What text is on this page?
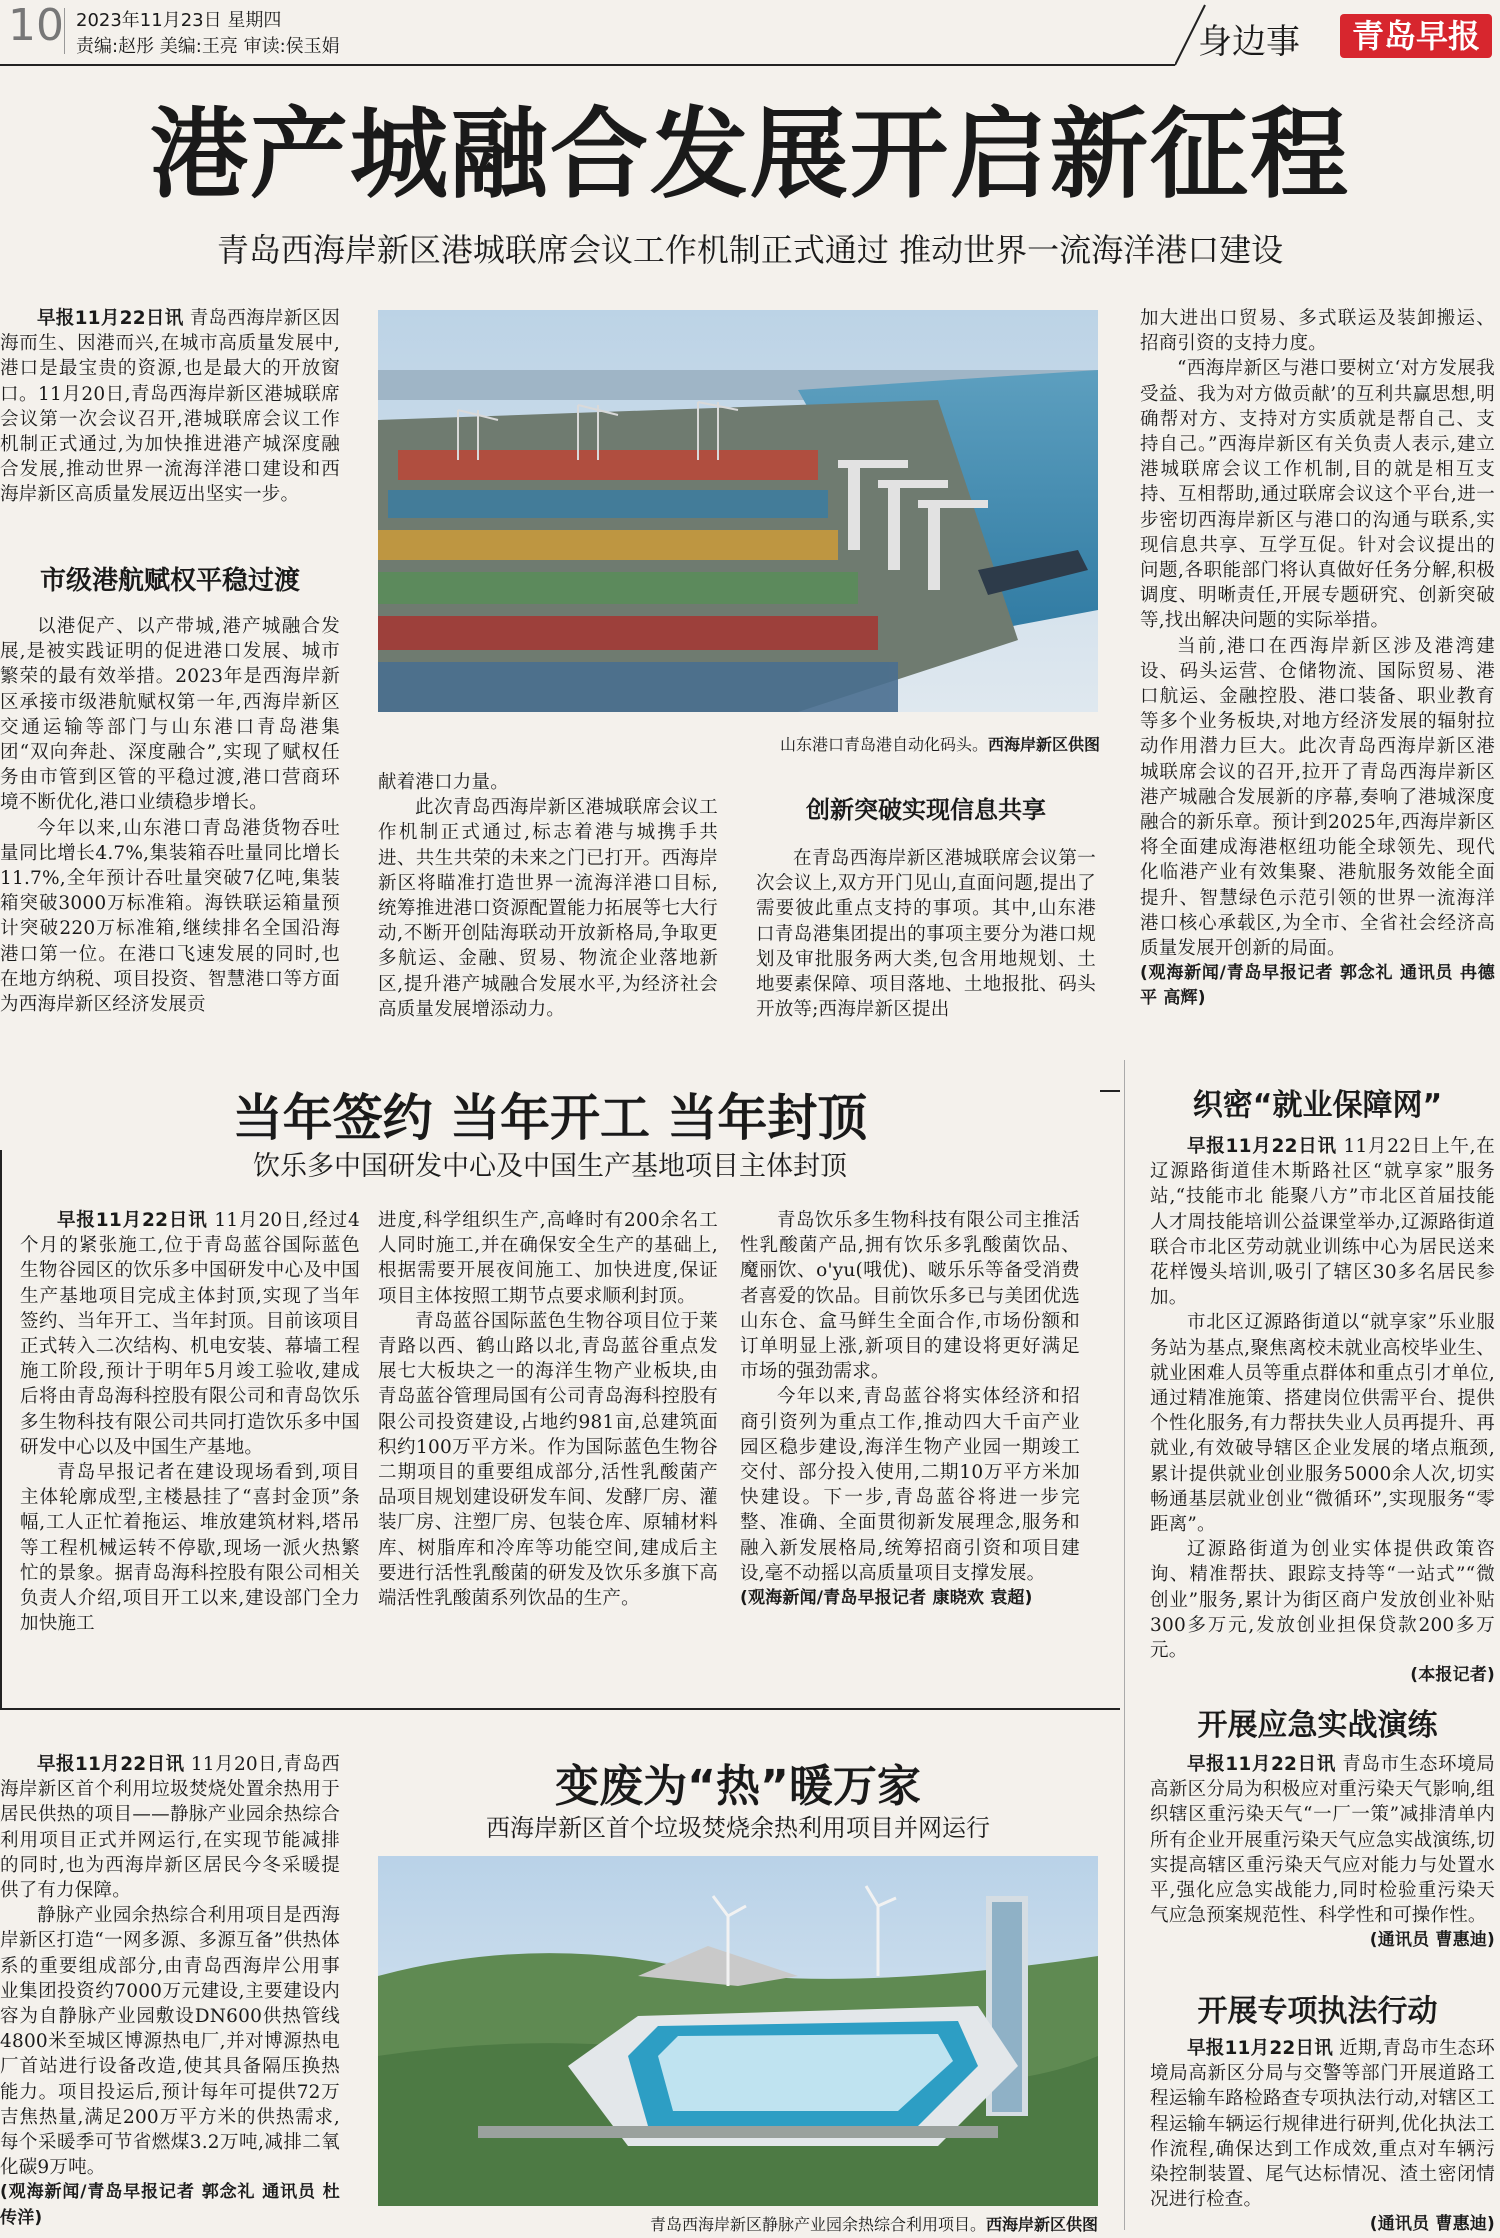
10 2023年11月23日 星期四
责编:赵彤 美编:王亮 审读:侯玉娟	身边事	青岛早报
港产城融合发展开启新征程
青岛西海岸新区港城联席会议工作机制正式通过 推动世界一流海洋港口建设

早报11月22日讯 青岛西海岸新区因海而生、因港而兴,在城市高质量发展中,港口是最宝贵的资源,也是最大的开放窗口。11月20日,青岛西海岸新区港城联席会议第一次会议召开,港城联席会议工作机制正式通过,为加快推进港产城深度融合发展,推动世界一流海洋港口建设和西海岸新区高质量发展迈出坚实一步。

市级港航赋权平稳过渡

以港促产、以产带城,港产城融合发展,是被实践证明的促进港口发展、城市繁荣的最有效举措。2023年是西海岸新区承接市级港航赋权第一年,西海岸新区交通运输等部门与山东港口青岛港集团“双向奔赴、深度融合”,实现了赋权任务由市管到区管的平稳过渡,港口营商环境不断优化,港口业绩稳步增长。

今年以来,山东港口青岛港货物吞吐量同比增长4.7%,集装箱吞吐量同比增长11.7%,全年预计吞吐量突破7亿吨,集装箱突破3000万标准箱。海铁联运箱量预计突破220万标准箱,继续排名全国沿海港口第一位。在港口飞速发展的同时,也在地方纳税、项目投资、智慧港口等方面为西海岸新区经济发展贡

山东港口青岛港自动化码头。西海岸新区供图

献着港口力量。

此次青岛西海岸新区港城联席会议工作机制正式通过,标志着港与城携手共进、共生共荣的未来之门已打开。西海岸新区将瞄准打造世界一流海洋港口目标,统筹推进港口资源配置能力拓展等七大行动,不断开创陆海联动开放新格局,争取更多航运、金融、贸易、物流企业落地新区,提升港产城融合发展水平,为经济社会高质量发展增添动力。

创新突破实现信息共享

在青岛西海岸新区港城联席会议第一次会议上,双方开门见山,直面问题,提出了需要彼此重点支持的事项。其中,山东港口青岛港集团提出的事项主要分为港口规划及审批服务两大类,包含用地规划、土地要素保障、项目落地、土地报批、码头开放等;西海岸新区提出

加大进出口贸易、多式联运及装卸搬运、招商引资的支持力度。

“西海岸新区与港口要树立‘对方发展我受益、我为对方做贡献’的互利共赢思想,明确帮对方、支持对方实质就是帮自己、支持自己。”西海岸新区有关负责人表示,建立港城联席会议工作机制,目的就是相互支持、互相帮助,通过联席会议这个平台,进一步密切西海岸新区与港口的沟通与联系,实现信息共享、互学互促。针对会议提出的问题,各职能部门将认真做好任务分解,积极调度、明晰责任,开展专题研究、创新突破等,找出解决问题的实际举措。

当前,港口在西海岸新区涉及港湾建设、码头运营、仓储物流、国际贸易、港口航运、金融控股、港口装备、职业教育等多个业务板块,对地方经济发展的辐射拉动作用潜力巨大。此次青岛西海岸新区港城联席会议的召开,拉开了青岛西海岸新区港产城融合发展新的序幕,奏响了港城深度融合的新乐章。预计到2025年,西海岸新区将全面建成海港枢纽功能全球领先、现代化临港产业有效集聚、港航服务效能全面提升、智慧绿色示范引领的世界一流海洋港口核心承载区,为全市、全省社会经济高质量发展开创新的局面。

(观海新闻/青岛早报记者 郭念礼 通讯员 冉德平 高辉)

当年签约 当年开工 当年封顶
饮乐多中国研发中心及中国生产基地项目主体封顶

早报11月22日讯 11月20日,经过4个月的紧张施工,位于青岛蓝谷国际蓝色生物谷园区的饮乐多中国研发中心及中国生产基地项目完成主体封顶,实现了当年签约、当年开工、当年封顶。目前该项目正式转入二次结构、机电安装、幕墙工程施工阶段,预计于明年5月竣工验收,建成后将由青岛海科控股有限公司和青岛饮乐多生物科技有限公司共同打造饮乐多中国研发中心以及中国生产基地。

青岛早报记者在建设现场看到,项目主体轮廓成型,主楼悬挂了“喜封金顶”条幅,工人正忙着拖运、堆放建筑材料,塔吊等工程机械运转不停歇,现场一派火热繁忙的景象。据青岛海科控股有限公司相关负责人介绍,项目开工以来,建设部门全力加快施工

进度,科学组织生产,高峰时有200余名工人同时施工,并在确保安全生产的基础上,根据需要开展夜间施工、加快进度,保证项目主体按照工期节点要求顺利封顶。

青岛蓝谷国际蓝色生物谷项目位于莱青路以西、鹤山路以北,青岛蓝谷重点发展七大板块之一的海洋生物产业板块,由青岛蓝谷管理局国有公司青岛海科控股有限公司投资建设,占地约981亩,总建筑面积约100万平方米。作为国际蓝色生物谷二期项目的重要组成部分,活性乳酸菌产品项目规划建设研发车间、发酵厂房、灌装厂房、注塑厂房、包装仓库、原辅材料库、树脂库和冷库等功能空间,建成后主要进行活性乳酸菌的研发及饮乐多旗下高端活性乳酸菌系列饮品的生产。

青岛饮乐多生物科技有限公司主推活性乳酸菌产品,拥有饮乐多乳酸菌饮品、魔丽饮、o'yu(哦优)、啵乐乐等备受消费者喜爱的饮品。目前饮乐多已与美团优选山东仓、盒马鲜生全面合作,市场份额和订单明显上涨,新项目的建设将更好满足市场的强劲需求。

今年以来,青岛蓝谷将实体经济和招商引资列为重点工作,推动四大千亩产业园区稳步建设,海洋生物产业园一期竣工交付、部分投入使用,二期10万平方米加快建设。下一步,青岛蓝谷将进一步完整、准确、全面贯彻新发展理念,服务和融入新发展格局,统筹招商引资和项目建设,毫不动摇以高质量项目支撑发展。

(观海新闻/青岛早报记者 康晓欢 袁超)

早报11月22日讯 11月20日,青岛西海岸新区首个利用垃圾焚烧处置余热用于居民供热的项目——静脉产业园余热综合利用项目正式并网运行,在实现节能减排的同时,也为西海岸新区居民今冬采暖提供了有力保障。

静脉产业园余热综合利用项目是西海岸新区打造“一网多源、多源互备”供热体系的重要组成部分,由青岛西海岸公用事业集团投资约7000万元建设,主要建设内容为自静脉产业园敷设DN600供热管线4800米至城区博源热电厂,并对博源热电厂首站进行设备改造,使其具备隔压换热能力。项目投运后,预计每年可提供72万吉焦热量,满足200万平方米的供热需求,每个采暖季可节省燃煤3.2万吨,减排二氧化碳9万吨。

(观海新闻/青岛早报记者 郭念礼 通讯员 杜传洋)

变废为“热”暖万家
西海岸新区首个垃圾焚烧余热利用项目并网运行
青岛西海岸新区静脉产业园余热综合利用项目。西海岸新区供图
织密“就业保障网”

早报11月22日讯 11月22日上午,在辽源路街道佳木斯路社区“就享家”服务站,“技能市北 能聚八方”市北区首届技能人才周技能培训公益课堂举办,辽源路街道联合市北区劳动就业训练中心为居民送来花样馒头培训,吸引了辖区30多名居民参加。

市北区辽源路街道以“就享家”乐业服务站为基点,聚焦离校未就业高校毕业生、就业困难人员等重点群体和重点引才单位,通过精准施策、搭建岗位供需平台、提供个性化服务,有力帮扶失业人员再提升、再就业,有效破导辖区企业发展的堵点瓶颈,累计提供就业创业服务5000余人次,切实畅通基层就业创业“微循环”,实现服务“零距离”。

辽源路街道为创业实体提供政策咨询、精准帮扶、跟踪支持等“一站式”“微创业”服务,累计为街区商户发放创业补贴300多万元,发放创业担保贷款200多万元。

(本报记者)

开展应急实战演练

早报11月22日讯 青岛市生态环境局高新区分局为积极应对重污染天气影响,组织辖区重污染天气“一厂一策”减排清单内所有企业开展重污染天气应急实战演练,切实提高辖区重污染天气应对能力与处置水平,强化应急实战能力,同时检验重污染天气应急预案规范性、科学性和可操作性。

(通讯员 曹惠迪)

开展专项执法行动

早报11月22日讯 近期,青岛市生态环境局高新区分局与交警等部门开展道路工程运输车路检路查专项执法行动,对辖区工程运输车辆运行规律进行研判,优化执法工作流程,确保达到工作成效,重点对车辆污染控制装置、尾气达标情况、渣土密闭情况进行检查。

(通讯员 曹惠迪)
